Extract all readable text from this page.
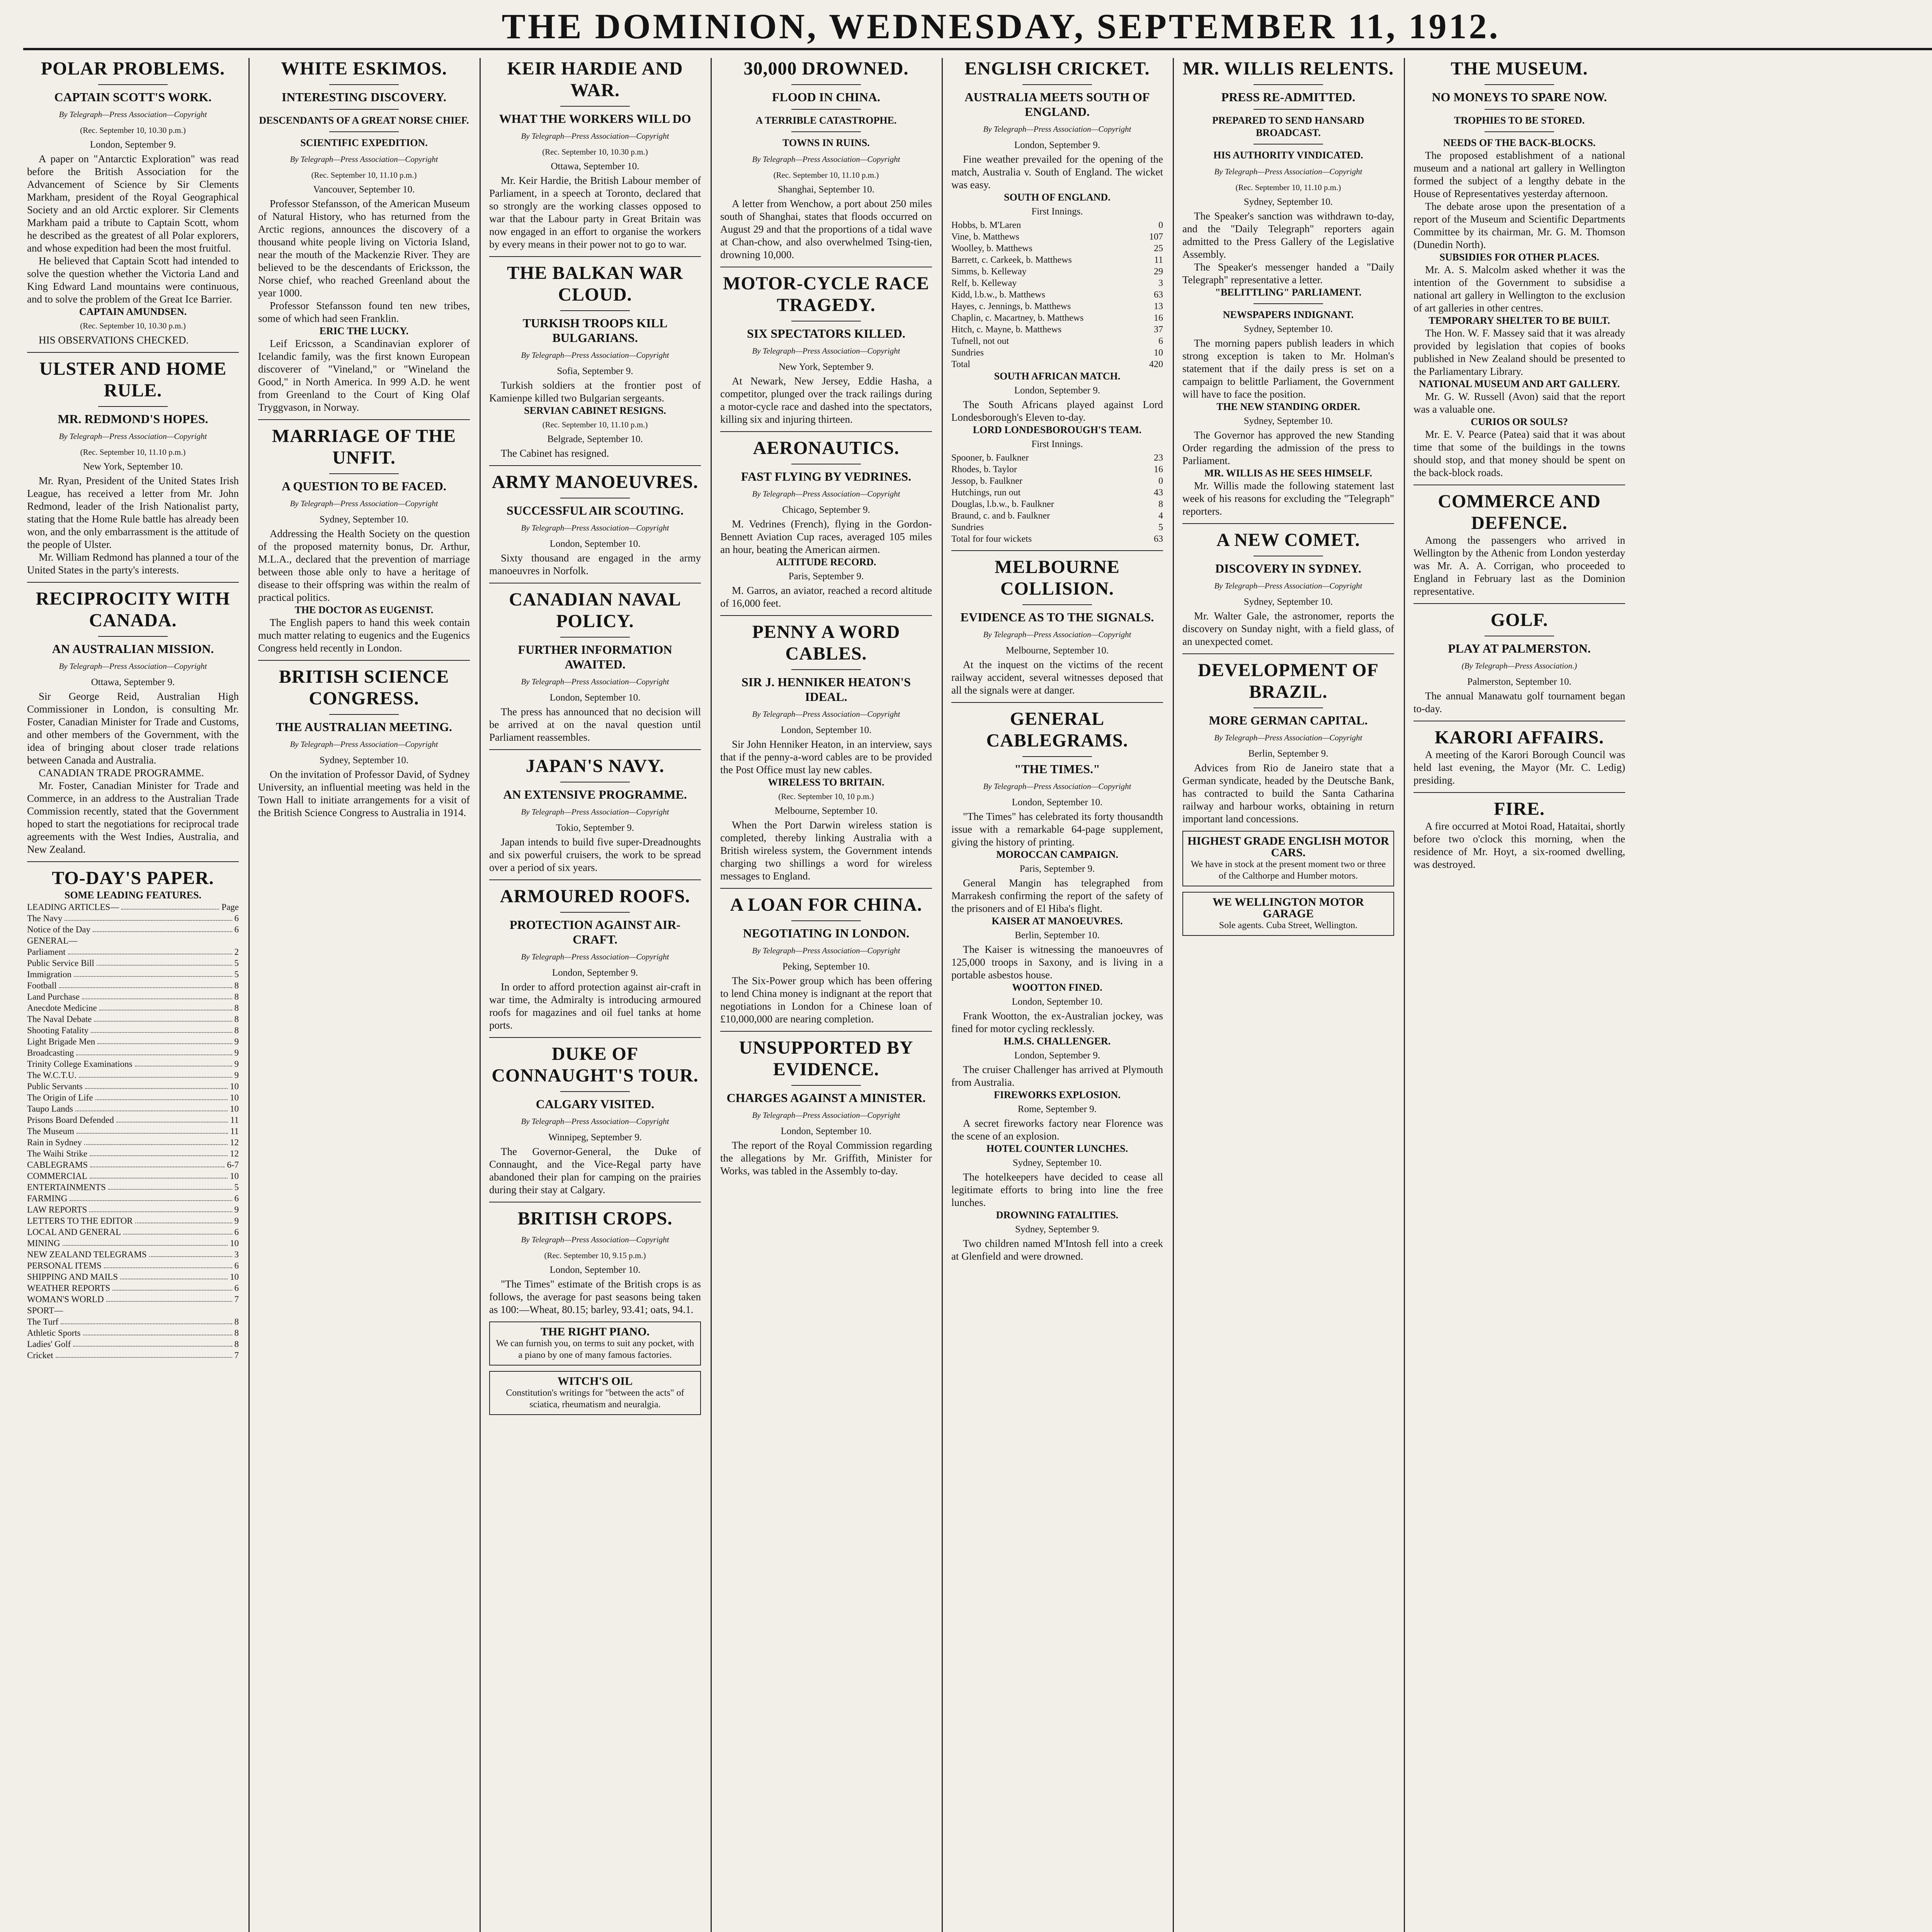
THE DOMINION, WEDNESDAY, SEPTEMBER 11, 1912.
POLAR PROBLEMS.
CAPTAIN SCOTT'S WORK.
By Telegraph—Press Association—Copyright
(Rec. September 10, 10.30 p.m.)
London, September 9.

A paper on "Antarctic Exploration" was read before the British Association for the Advancement of Science by Sir Clements Markham, president of the Royal Geographical Society and an old Arctic explorer. Sir Clements Markham paid a tribute to Captain Scott, whom he described as the greatest of all Polar explorers, and whose expedition had been the most fruitful.

He believed that Captain Scott had intended to solve the question whether the Victoria Land and King Edward Land mountains were continuous, and to solve the problem of the Great Ice Barrier.

CAPTAIN AMUNDSEN.
(Rec. September 10, 10.30 p.m.)

HIS OBSERVATIONS CHECKED.

ULSTER AND HOME RULE.
MR. REDMOND'S HOPES.
By Telegraph—Press Association—Copyright
(Rec. September 10, 11.10 p.m.)
New York, September 10.

Mr. Ryan, President of the United States Irish League, has received a letter from Mr. John Redmond, leader of the Irish Nationalist party, stating that the Home Rule battle has already been won, and the only embarrassment is the attitude of the people of Ulster.

Mr. William Redmond has planned a tour of the United States in the party's interests.

RECIPROCITY WITH CANADA.
AN AUSTRALIAN MISSION.
By Telegraph—Press Association—Copyright
Ottawa, September 9.

Sir George Reid, Australian High Commissioner in London, is consulting Mr. Foster, Canadian Minister for Trade and Customs, and other members of the Government, with the idea of bringing about closer trade relations between Canada and Australia.

CANADIAN TRADE PROGRAMME.

Mr. Foster, Canadian Minister for Trade and Commerce, in an address to the Australian Trade Commission recently, stated that the Government hoped to start the negotiations for reciprocal trade agreements with the West Indies, Australia, and New Zealand.

TO-DAY'S PAPER.
SOME LEADING FEATURES.
LEADING ARTICLES—	Page
The Navy	6
Notice of the Day	6
GENERAL—
Parliament	2
Public Service Bill	5
Immigration	5
Football	8
Land Purchase	8
Anecdote Medicine	8
The Naval Debate	8
Shooting Fatality	8
Light Brigade Men	9
Broadcasting	9
Trinity College Examinations	9
The W.C.T.U.	9
Public Servants	10
The Origin of Life	10
Taupo Lands	10
Prisons Board Defended	11
The Museum	11
Rain in Sydney	12
The Waihi Strike	12
CABLEGRAMS	6-7
COMMERCIAL	10
ENTERTAINMENTS	5
FARMING	6
LAW REPORTS	9
LETTERS TO THE EDITOR	9
LOCAL AND GENERAL	6
MINING	10
NEW ZEALAND TELEGRAMS	3
PERSONAL ITEMS	6
SHIPPING AND MAILS	10
WEATHER REPORTS	6
WOMAN'S WORLD	7
SPORT—
The Turf	8
Athletic Sports	8
Ladies' Golf	8
Cricket	7
WHITE ESKIMOS.
INTERESTING DISCOVERY.
DESCENDANTS OF A GREAT NORSE CHIEF.
SCIENTIFIC EXPEDITION.
By Telegraph—Press Association—Copyright
(Rec. September 10, 11.10 p.m.)
Vancouver, September 10.

Professor Stefansson, of the American Museum of Natural History, who has returned from the Arctic regions, announces the discovery of a thousand white people living on Victoria Island, near the mouth of the Mackenzie River. They are believed to be the descendants of Ericksson, the Norse chief, who reached Greenland about the year 1000.

Professor Stefansson found ten new tribes, some of which had seen Franklin.

ERIC THE LUCKY.

Leif Ericsson, a Scandinavian explorer of Icelandic family, was the first known European discoverer of "Vineland," or "Wineland the Good," in North America. In 999 A.D. he went from Greenland to the Court of King Olaf Tryggvason, in Norway.

MARRIAGE OF THE UNFIT.
A QUESTION TO BE FACED.
By Telegraph—Press Association—Copyright
Sydney, September 10.

Addressing the Health Society on the question of the proposed maternity bonus, Dr. Arthur, M.L.A., declared that the prevention of marriage between those able only to have a heritage of disease to their offspring was within the realm of practical politics.

THE DOCTOR AS EUGENIST.

The English papers to hand this week contain much matter relating to eugenics and the Eugenics Congress held recently in London.

BRITISH SCIENCE CONGRESS.
THE AUSTRALIAN MEETING.
By Telegraph—Press Association—Copyright
Sydney, September 10.

On the invitation of Professor David, of Sydney University, an influential meeting was held in the Town Hall to initiate arrangements for a visit of the British Science Congress to Australia in 1914.

KEIR HARDIE AND WAR.
WHAT THE WORKERS WILL DO
By Telegraph—Press Association—Copyright
(Rec. September 10, 10.30 p.m.)
Ottawa, September 10.

Mr. Keir Hardie, the British Labour member of Parliament, in a speech at Toronto, declared that so strongly are the working classes opposed to war that the Labour party in Great Britain was now engaged in an effort to organise the workers by every means in their power not to go to war.

THE BALKAN WAR CLOUD.
TURKISH TROOPS KILL BULGARIANS.
By Telegraph—Press Association—Copyright
Sofia, September 9.

Turkish soldiers at the frontier post of Kamienpe killed two Bulgarian sergeants.

SERVIAN CABINET RESIGNS.
(Rec. September 10, 11.10 p.m.)
Belgrade, September 10.

The Cabinet has resigned.

ARMY MANOEUVRES.
SUCCESSFUL AIR SCOUTING.
By Telegraph—Press Association—Copyright
London, September 10.

Sixty thousand are engaged in the army manoeuvres in Norfolk.

CANADIAN NAVAL POLICY.
FURTHER INFORMATION AWAITED.
By Telegraph—Press Association—Copyright
London, September 10.

The press has announced that no decision will be arrived at on the naval question until Parliament reassembles.

JAPAN'S NAVY.
AN EXTENSIVE PROGRAMME.
By Telegraph—Press Association—Copyright
Tokio, September 9.

Japan intends to build five super-Dreadnoughts and six powerful cruisers, the work to be spread over a period of six years.

ARMOURED ROOFS.
PROTECTION AGAINST AIR-CRAFT.
By Telegraph—Press Association—Copyright
London, September 9.

In order to afford protection against air-craft in war time, the Admiralty is introducing armoured roofs for magazines and oil fuel tanks at home ports.

DUKE OF CONNAUGHT'S TOUR.
CALGARY VISITED.
By Telegraph—Press Association—Copyright
Winnipeg, September 9.

The Governor-General, the Duke of Connaught, and the Vice-Regal party have abandoned their plan for camping on the prairies during their stay at Calgary.

BRITISH CROPS.
By Telegraph—Press Association—Copyright
(Rec. September 10, 9.15 p.m.)
London, September 10.

"The Times" estimate of the British crops is as follows, the average for past seasons being taken as 100:—Wheat, 80.15; barley, 93.41; oats, 94.1.

THE RIGHT PIANO.
We can furnish you, on terms to suit any pocket, with a piano by one of many famous factories.
WITCH'S OIL
Constitution's writings for "between the acts" of sciatica, rheumatism and neuralgia.
30,000 DROWNED.
FLOOD IN CHINA.
A TERRIBLE CATASTROPHE.
TOWNS IN RUINS.
By Telegraph—Press Association—Copyright
(Rec. September 10, 11.10 p.m.)
Shanghai, September 10.

A letter from Wenchow, a port about 250 miles south of Shanghai, states that floods occurred on August 29 and that the proportions of a tidal wave at Chan-chow, and also overwhelmed Tsing-tien, drowning 10,000.

MOTOR-CYCLE RACE TRAGEDY.
SIX SPECTATORS KILLED.
By Telegraph—Press Association—Copyright
New York, September 9.

At Newark, New Jersey, Eddie Hasha, a competitor, plunged over the track railings during a motor-cycle race and dashed into the spectators, killing six and injuring thirteen.

AERONAUTICS.
FAST FLYING BY VEDRINES.
By Telegraph—Press Association—Copyright
Chicago, September 9.

M. Vedrines (French), flying in the Gordon-Bennett Aviation Cup races, averaged 105 miles an hour, beating the American airmen.

ALTITUDE RECORD.
Paris, September 9.

M. Garros, an aviator, reached a record altitude of 16,000 feet.

PENNY A WORD CABLES.
SIR J. HENNIKER HEATON'S IDEAL.
By Telegraph—Press Association—Copyright
London, September 10.

Sir John Henniker Heaton, in an interview, says that if the penny-a-word cables are to be provided the Post Office must lay new cables.

WIRELESS TO BRITAIN.
(Rec. September 10, 10 p.m.)
Melbourne, September 10.

When the Port Darwin wireless station is completed, thereby linking Australia with a British wireless system, the Government intends charging two shillings a word for wireless messages to England.

A LOAN FOR CHINA.
NEGOTIATING IN LONDON.
By Telegraph—Press Association—Copyright
Peking, September 10.

The Six-Power group which has been offering to lend China money is indignant at the report that negotiations in London for a Chinese loan of £10,000,000 are nearing completion.

UNSUPPORTED BY EVIDENCE.
CHARGES AGAINST A MINISTER.
By Telegraph—Press Association—Copyright
London, September 10.

The report of the Royal Commission regarding the allegations by Mr. Griffith, Minister for Works, was tabled in the Assembly to-day.

ENGLISH CRICKET.
AUSTRALIA MEETS SOUTH OF ENGLAND.
By Telegraph—Press Association—Copyright
London, September 9.

Fine weather prevailed for the opening of the match, Australia v. South of England. The wicket was easy.

SOUTH OF ENGLAND.
First Innings.
Hobbs, b. M'Laren	0
Vine, b. Matthews	107
Woolley, b. Matthews	25
Barrett, c. Carkeek, b. Matthews	11
Simms, b. Kelleway	29
Relf, b. Kelleway	3
Kidd, l.b.w., b. Matthews	63
Hayes, c. Jennings, b. Matthews	13
Chaplin, c. Macartney, b. Matthews	16
Hitch, c. Mayne, b. Matthews	37
Tufnell, not out	6
Sundries	10
Total	420
SOUTH AFRICAN MATCH.
London, September 9.

The South Africans played against Lord Londesborough's Eleven to-day.

LORD LONDESBOROUGH'S TEAM.
First Innings.
Spooner, b. Faulkner	23
Rhodes, b. Taylor	16
Jessop, b. Faulkner	0
Hutchings, run out	43
Douglas, l.b.w., b. Faulkner	8
Braund, c. and b. Faulkner	4
Sundries	5
Total for four wickets	63
MELBOURNE COLLISION.
EVIDENCE AS TO THE SIGNALS.
By Telegraph—Press Association—Copyright
Melbourne, September 10.

At the inquest on the victims of the recent railway accident, several witnesses deposed that all the signals were at danger.

GENERAL CABLEGRAMS.
"THE TIMES."
By Telegraph—Press Association—Copyright
London, September 10.

"The Times" has celebrated its forty thousandth issue with a remarkable 64-page supplement, giving the history of printing.

MOROCCAN CAMPAIGN.
Paris, September 9.

General Mangin has telegraphed from Marrakesh confirming the report of the safety of the prisoners and of El Hiba's flight.

KAISER AT MANOEUVRES.
Berlin, September 10.

The Kaiser is witnessing the manoeuvres of 125,000 troops in Saxony, and is living in a portable asbestos house.

WOOTTON FINED.
London, September 10.

Frank Wootton, the ex-Australian jockey, was fined for motor cycling recklessly.

H.M.S. CHALLENGER.
London, September 9.

The cruiser Challenger has arrived at Plymouth from Australia.

FIREWORKS EXPLOSION.
Rome, September 9.

A secret fireworks factory near Florence was the scene of an explosion.

HOTEL COUNTER LUNCHES.
Sydney, September 10.

The hotelkeepers have decided to cease all legitimate efforts to bring into line the free lunches.

DROWNING FATALITIES.
Sydney, September 9.

Two children named M'Intosh fell into a creek at Glenfield and were drowned.

MR. WILLIS RELENTS.
PRESS RE-ADMITTED.
PREPARED TO SEND HANSARD BROADCAST.
HIS AUTHORITY VINDICATED.
By Telegraph—Press Association—Copyright
(Rec. September 10, 11.10 p.m.)
Sydney, September 10.

The Speaker's sanction was withdrawn to-day, and the "Daily Telegraph" reporters again admitted to the Press Gallery of the Legislative Assembly.

The Speaker's messenger handed a "Daily Telegraph" representative a letter.

"BELITTLING" PARLIAMENT.
NEWSPAPERS INDIGNANT.
Sydney, September 10.

The morning papers publish leaders in which strong exception is taken to Mr. Holman's statement that if the daily press is set on a campaign to belittle Parliament, the Government will have to face the position.

THE NEW STANDING ORDER.
Sydney, September 10.

The Governor has approved the new Standing Order regarding the admission of the press to Parliament.

MR. WILLIS AS HE SEES HIMSELF.

Mr. Willis made the following statement last week of his reasons for excluding the "Telegraph" reporters.

A NEW COMET.
DISCOVERY IN SYDNEY.
By Telegraph—Press Association—Copyright
Sydney, September 10.

Mr. Walter Gale, the astronomer, reports the discovery on Sunday night, with a field glass, of an unexpected comet.

DEVELOPMENT OF BRAZIL.
MORE GERMAN CAPITAL.
By Telegraph—Press Association—Copyright
Berlin, September 9.

Advices from Rio de Janeiro state that a German syndicate, headed by the Deutsche Bank, has contracted to build the Santa Catharina railway and harbour works, obtaining in return important land concessions.

HIGHEST GRADE ENGLISH MOTOR CARS.
We have in stock at the present moment two or three of the Calthorpe and Humber motors.
WE WELLINGTON MOTOR GARAGE
Sole agents. Cuba Street, Wellington.
THE MUSEUM.
NO MONEYS TO SPARE NOW.
TROPHIES TO BE STORED.
NEEDS OF THE BACK-BLOCKS.

The proposed establishment of a national museum and a national art gallery in Wellington formed the subject of a lengthy debate in the House of Representatives yesterday afternoon.

The debate arose upon the presentation of a report of the Museum and Scientific Departments Committee by its chairman, Mr. G. M. Thomson (Dunedin North).

SUBSIDIES FOR OTHER PLACES.

Mr. A. S. Malcolm asked whether it was the intention of the Government to subsidise a national art gallery in Wellington to the exclusion of art galleries in other centres.

TEMPORARY SHELTER TO BE BUILT.

The Hon. W. F. Massey said that it was already provided by legislation that copies of books published in New Zealand should be presented to the Parliamentary Library.

NATIONAL MUSEUM AND ART GALLERY.

Mr. G. W. Russell (Avon) said that the report was a valuable one.

CURIOS OR SOULS?

Mr. E. V. Pearce (Patea) said that it was about time that some of the buildings in the towns should stop, and that money should be spent on the back-block roads.

COMMERCE AND DEFENCE.

Among the passengers who arrived in Wellington by the Athenic from London yesterday was Mr. A. A. Corrigan, who proceeded to England in February last as the Dominion representative.

GOLF.
PLAY AT PALMERSTON.
(By Telegraph—Press Association.)
Palmerston, September 10.

The annual Manawatu golf tournament began to-day.

KARORI AFFAIRS.

A meeting of the Karori Borough Council was held last evening, the Mayor (Mr. C. Ledig) presiding.

FIRE.

A fire occurred at Motoi Road, Hataitai, shortly before two o'clock this morning, when the residence of Mr. Hoyt, a six-roomed dwelling, was destroyed.
